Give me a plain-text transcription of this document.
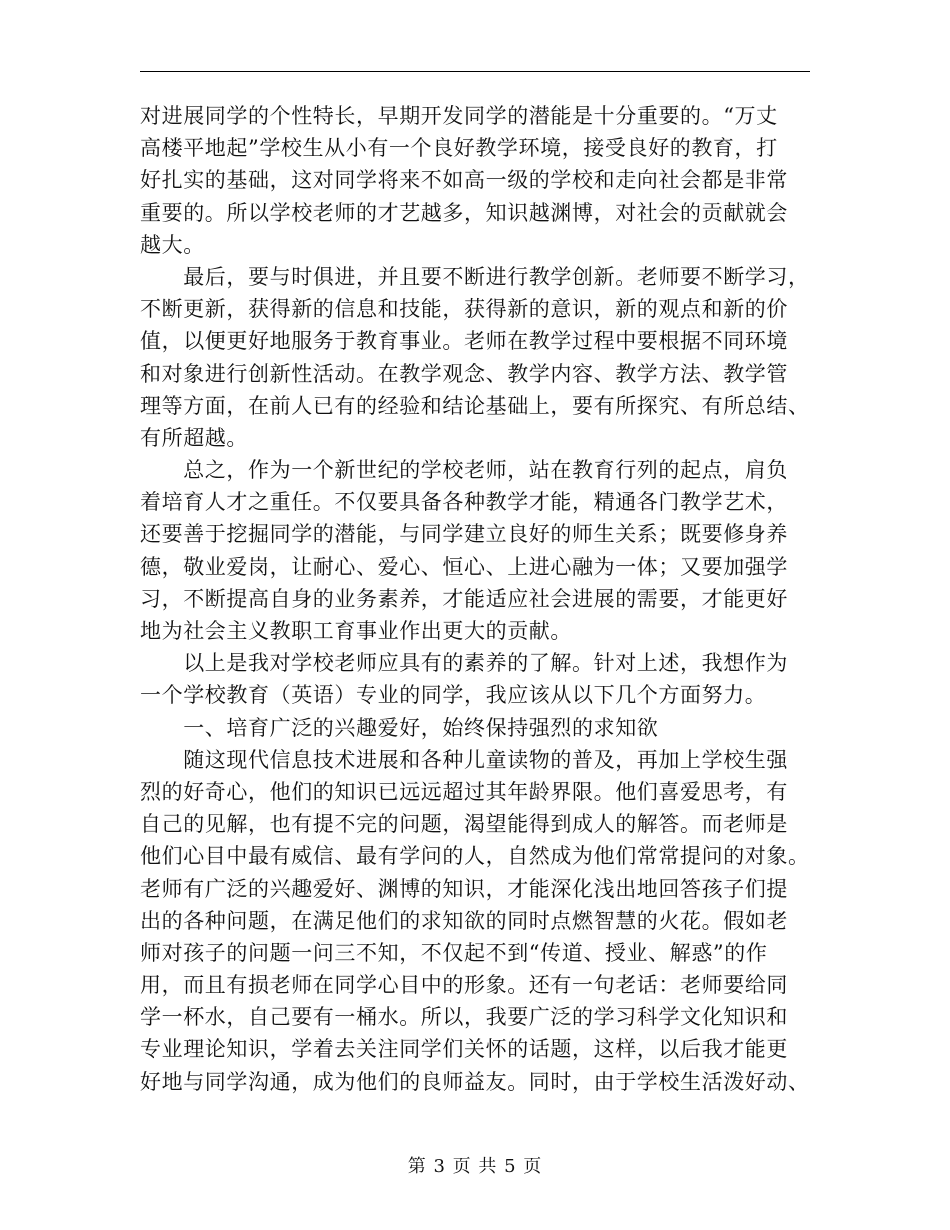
对进展同学的个性特长，早期开发同学的潜能是十分重要的。“万丈
高楼平地起”学校生从小有一个良好教学环境，接受良好的教育，打
好扎实的基础，这对同学将来不如高一级的学校和走向社会都是非常
重要的。所以学校老师的才艺越多，知识越渊博，对社会的贡献就会
越大。
　　最后，要与时俱进，并且要不断进行教学创新。老师要不断学习，
不断更新，获得新的信息和技能，获得新的意识，新的观点和新的价
值，以便更好地服务于教育事业。老师在教学过程中要根据不同环境
和对象进行创新性活动。在教学观念、教学内容、教学方法、教学管
理等方面，在前人已有的经验和结论基础上，要有所探究、有所总结、
有所超越。
　　总之，作为一个新世纪的学校老师，站在教育行列的起点，肩负
着培育人才之重任。不仅要具备各种教学才能，精通各门教学艺术，
还要善于挖掘同学的潜能，与同学建立良好的师生关系；既要修身养
德，敬业爱岗，让耐心、爱心、恒心、上进心融为一体；又要加强学
习，不断提高自身的业务素养，才能适应社会进展的需要，才能更好
地为社会主义教职工育事业作出更大的贡献。
　　以上是我对学校老师应具有的素养的了解。针对上述，我想作为
一个学校教育（英语）专业的同学，我应该从以下几个方面努力。
　　一、培育广泛的兴趣爱好，始终保持强烈的求知欲
　　随这现代信息技术进展和各种儿童读物的普及，再加上学校生强
烈的好奇心，他们的知识已远远超过其年龄界限。他们喜爱思考，有
自己的见解，也有提不完的问题，渴望能得到成人的解答。而老师是
他们心目中最有威信、最有学问的人，自然成为他们常常提问的对象。
老师有广泛的兴趣爱好、渊博的知识，才能深化浅出地回答孩子们提
出的各种问题，在满足他们的求知欲的同时点燃智慧的火花。假如老
师对孩子的问题一问三不知，不仅起不到“传道、授业、解惑”的作
用，而且有损老师在同学心目中的形象。还有一句老话：老师要给同
学一杯水，自己要有一桶水。所以，我要广泛的学习科学文化知识和
专业理论知识，学着去关注同学们关怀的话题，这样，以后我才能更
好地与同学沟通，成为他们的良师益友。同时，由于学校生活泼好动、
第 3 页 共 5 页
